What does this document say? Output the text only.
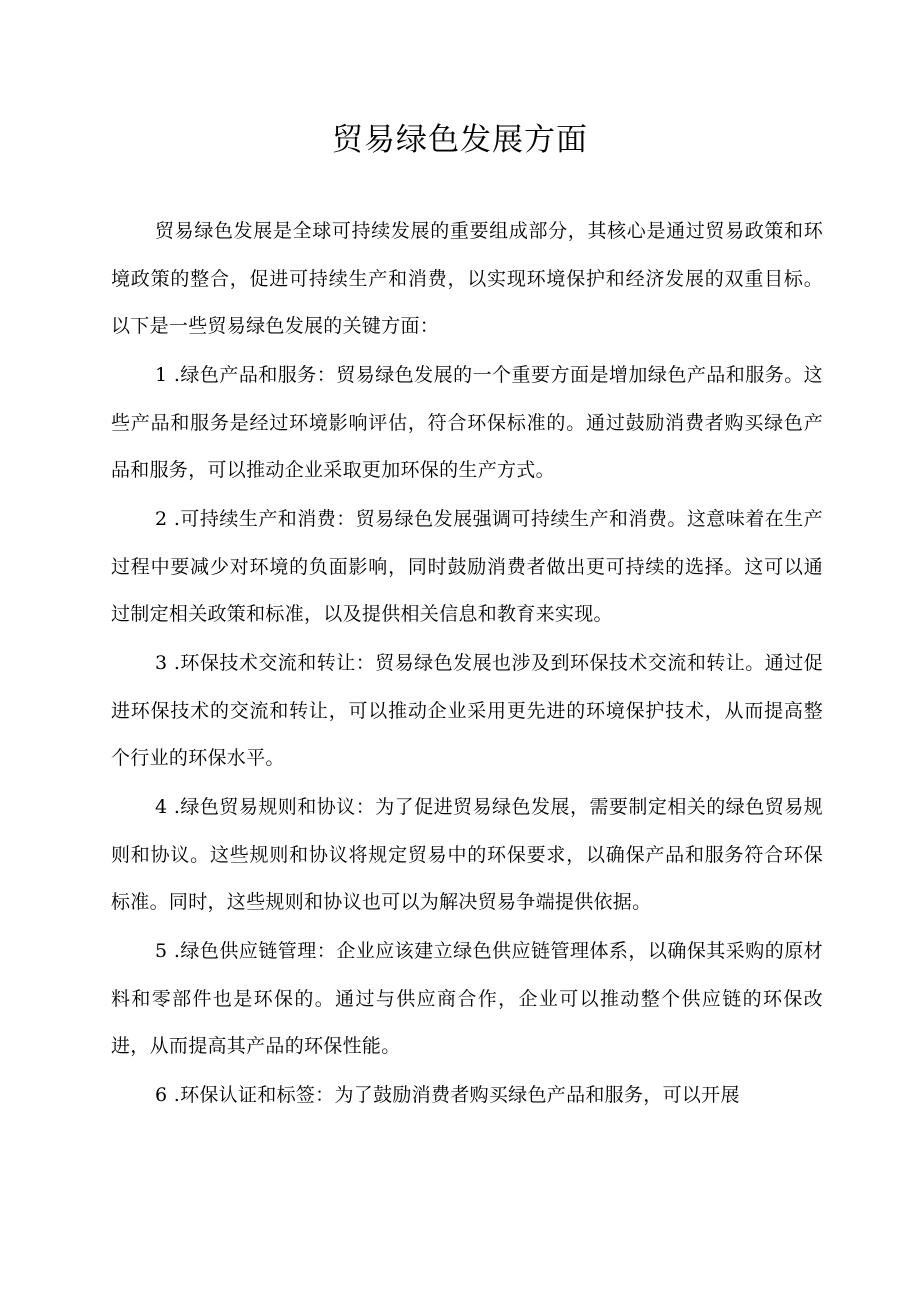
贸易绿色发展方面

贸易绿色发展是全球可持续发展的重要组成部分，其核心是通过贸易政策和环境政策的整合，促进可持续生产和消费，以实现环境保护和经济发展的双重目标。以下是一些贸易绿色发展的关键方面：

1 .绿色产品和服务：贸易绿色发展的一个重要方面是增加绿色产品和服务。这些产品和服务是经过环境影响评估，符合环保标准的。通过鼓励消费者购买绿色产品和服务，可以推动企业采取更加环保的生产方式。

2 .可持续生产和消费：贸易绿色发展强调可持续生产和消费。这意味着在生产过程中要减少对环境的负面影响，同时鼓励消费者做出更可持续的选择。这可以通过制定相关政策和标准，以及提供相关信息和教育来实现。

3 .环保技术交流和转让：贸易绿色发展也涉及到环保技术交流和转让。通过促进环保技术的交流和转让，可以推动企业采用更先进的环境保护技术，从而提高整个行业的环保水平。

4 .绿色贸易规则和协议：为了促进贸易绿色发展，需要制定相关的绿色贸易规则和协议。这些规则和协议将规定贸易中的环保要求，以确保产品和服务符合环保标准。同时，这些规则和协议也可以为解决贸易争端提供依据。

5 .绿色供应链管理：企业应该建立绿色供应链管理体系，以确保其采购的原材料和零部件也是环保的。通过与供应商合作，企业可以推动整个供应链的环保改进，从而提高其产品的环保性能。

6 .环保认证和标签：为了鼓励消费者购买绿色产品和服务，可以开展
